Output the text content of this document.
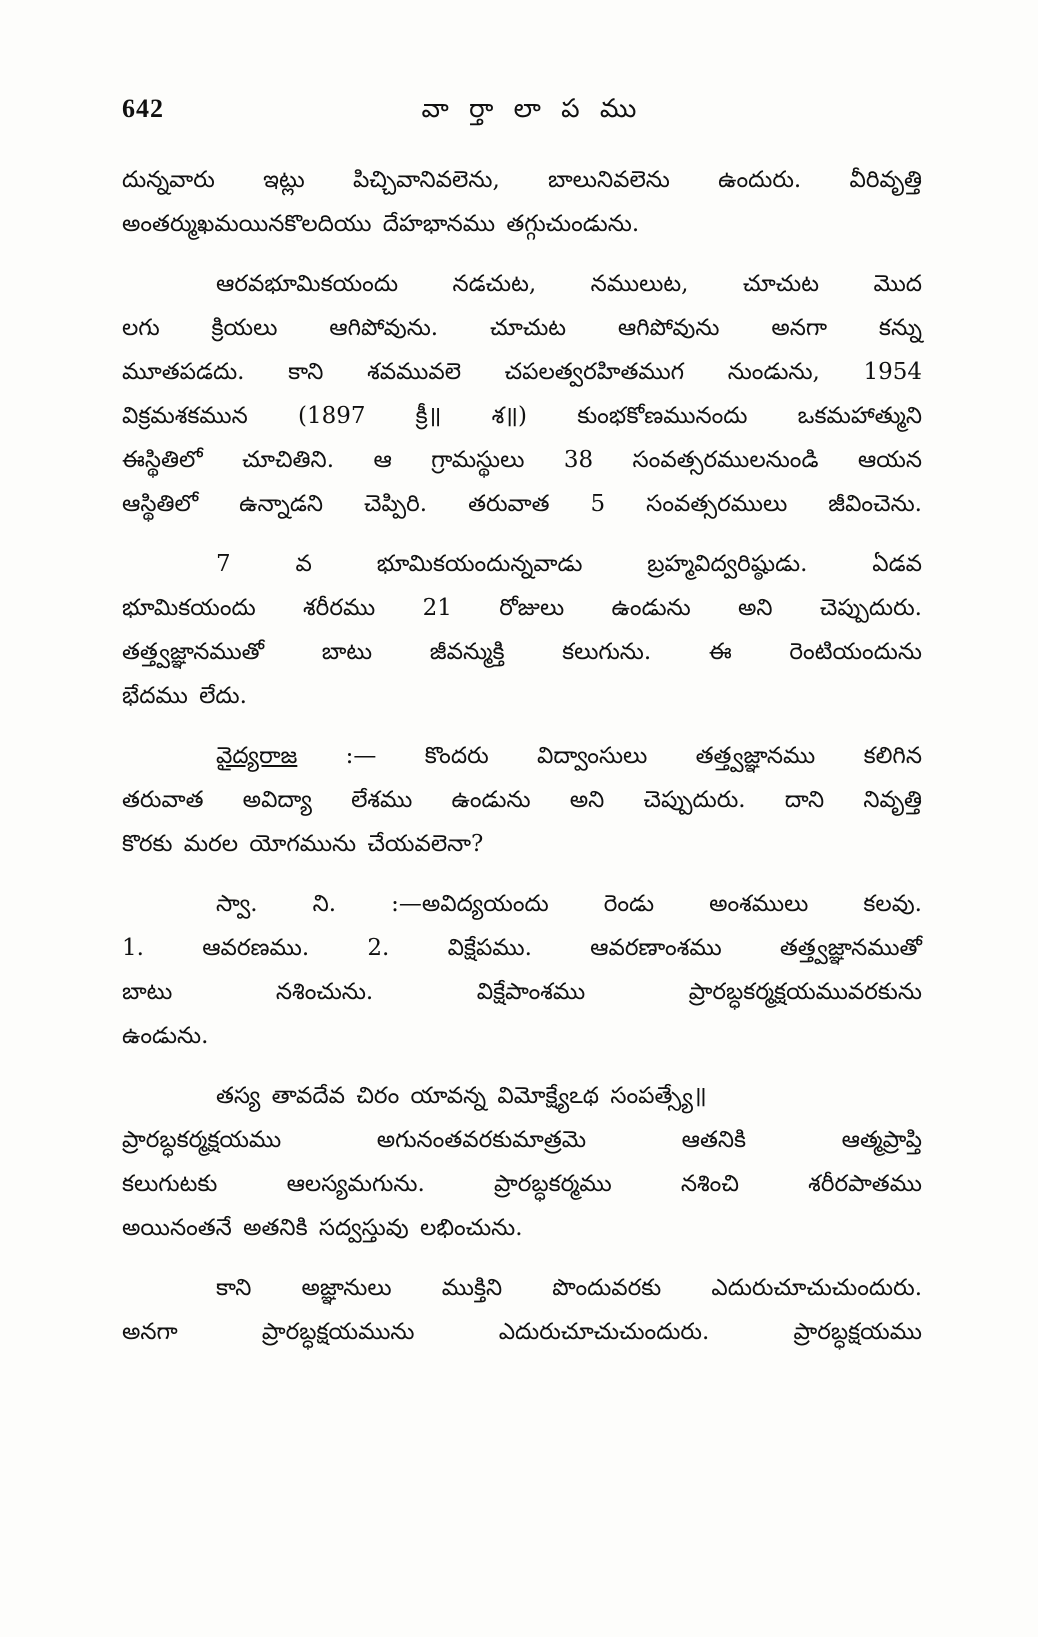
642	వా ర్తా లా ప ము

దున్నవారు ఇట్లు పిచ్చివానివలెను, బాలునివలెను ఉందురు. వీరివృత్తి
అంతర్ముఖమయినకొలదియు దేహభానము తగ్గుచుండును.

ఆరవభూమికయందు నడచుట, నములుట, చూచుట మొద
లగు క్రియలు ఆగిపోవును. చూచుట ఆగిపోవును అనగా కన్ను
మూతపడదు. కాని శవమువలె చపలత్వరహితముగ నుండును, 1954
విక్రమశకమున (1897 క్రీ॥ శ॥) కుంభకోణమునందు ఒకమహాత్ముని
ఈస్థితిలో చూచితిని. ఆ గ్రామస్థులు 38 సంవత్సరములనుండి ఆయన
ఆస్థితిలో ఉన్నాడని చెప్పిరి. తరువాత 5 సంవత్సరములు జీవించెను.

7 వ భూమికయందున్నవాడు బ్రహ్మవిద్వరిష్ఠుడు. ఏడవ
భూమికయందు శరీరము 21 రోజులు ఉండును అని చెప్పుదురు.
తత్త్వజ్ఞానముతో బాటు జీవన్ముక్తి కలుగును. ఈ రెంటియందును
భేదము లేదు.

వైద్యరాజ :— కొందరు విద్వాంసులు తత్త్వజ్ఞానము కలిగిన
తరువాత అవిద్యా లేశము ఉండును అని చెప్పుదురు. దాని నివృత్తి
కొరకు మరల యోగమును చేయవలెనా?

స్వా. ని. :—అవిద్యయందు రెండు అంశములు కలవు.
1. ఆవరణము. 2. విక్షేపము. ఆవరణాంశము తత్త్వజ్ఞానముతో
బాటు నశించును. విక్షేపాంశము ప్రారబ్ధకర్మక్షయమువరకును
ఉండును.

తస్య తావదేవ చిరం యావన్న విమోక్ష్యేఽథ సంపత్స్యే॥
ప్రారబ్ధకర్మక్షయము అగునంతవరకుమాత్రమె ఆతనికి ఆత్మప్రాప్తి
కలుగుటకు ఆలస్యమగును. ప్రారబ్ధకర్మము నశించి శరీరపాతము
అయినంతనే అతనికి సద్వస్తువు లభించును.

కాని అజ్ఞానులు ముక్తిని పొందువరకు ఎదురుచూచుచుందురు.
అనగా ప్రారబ్ధక్షయమును ఎదురుచూచుచుందురు. ప్రారబ్ధక్షయము
